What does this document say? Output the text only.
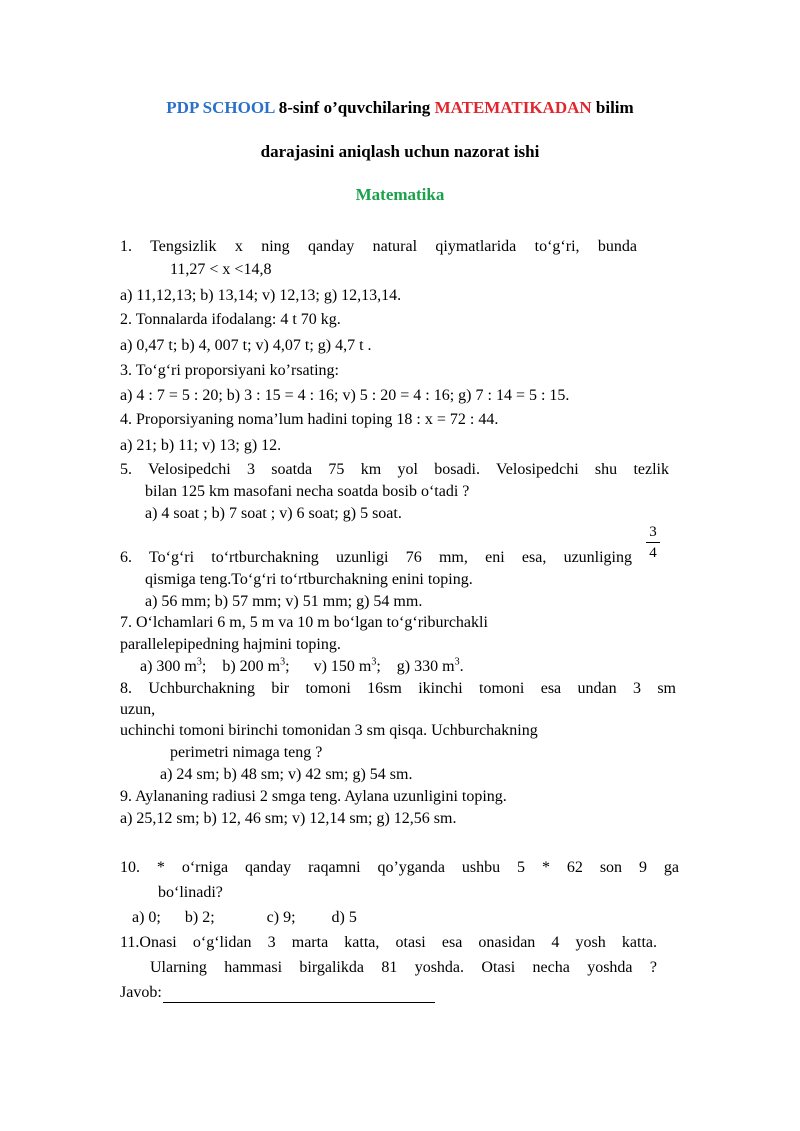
PDP SCHOOL 8-sinf o’quvchilaring MATEMATIKADAN bilim
darajasini aniqlash uchun nazorat ishi
Matematika
1. Tengsizlik x ning qanday natural qiymatlarida to‘g‘ri, bunda
11,27 < x <14,8
a) 11,12,13; b) 13,14; v) 12,13; g) 12,13,14.
2. Tonnalarda ifodalang: 4 t 70 kg.
a) 0,47 t; b) 4, 007 t; v) 4,07 t; g) 4,7 t .
3. To‘g‘ri proporsiyani ko’rsating:
a) 4 : 7 = 5 : 20; b) 3 : 15 = 4 : 16; v) 5 : 20 = 4 : 16; g) 7 : 14 = 5 : 15.
4. Proporsiyaning noma’lum hadini toping 18 : x = 72 : 44.
a) 21; b) 11; v) 13; g) 12.
5. Velosipedchi 3 soatda 75 km yol bosadi. Velosipedchi shu tezlik
bilan 125 km masofani necha soatda bosib o‘tadi ?
a) 4 soat ; b) 7 soat ; v) 6 soat; g) 5 soat.
$\frac{3}{4}$
6. To‘g‘ri to‘rtburchakning uzunligi 76 mm, eni esa, uzunliging
qismiga teng.To‘g‘ri to‘rtburchakning enini toping.
a) 56 mm; b) 57 mm; v) 51 mm; g) 54 mm.
7. O‘lchamlari 6 m, 5 m va 10 m bo‘lgan to‘g‘riburchakli
parallelepipedning hajmini toping.
a) 300 $m^3$;    b) 200 $m^3$;      v) 150 $m^3$;    g) 330 $m^3$.
8. Uchburchakning bir tomoni 16sm ikinchi tomoni esa undan 3 sm
uzun,
uchinchi tomoni birinchi tomonidan 3 sm qisqa. Uchburchakning
perimetri nimaga teng ?
a) 24 sm; b) 48 sm; v) 42 sm; g) 54 sm.
9. Aylananing radiusi 2 smga teng. Aylana uzunligini toping.
a) 25,12 sm; b) 12, 46 sm; v) 12,14 sm; g) 12,56 sm.
10. * o‘rniga qanday raqamni qo’yganda ushbu 5 * 62 son 9 ga
bo‘linadi?
a) 0;      b) 2;             c) 9;         d) 5
11.Onasi o‘g‘lidan 3 marta katta, otasi esa onasidan 4 yosh katta.
Ularning hammasi birgalikda 81 yoshda. Otasi necha yoshda ?
Javob:
